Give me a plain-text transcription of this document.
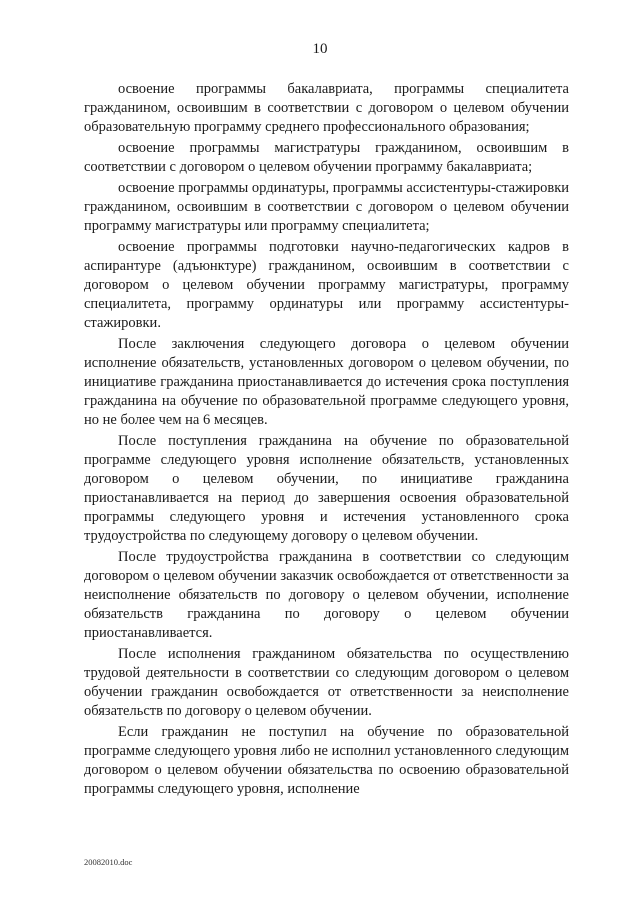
10

освоение программы бакалавриата, программы специалитета гражданином, освоившим в соответствии с договором о целевом обучении образовательную программу среднего профессионального образования;

освоение программы магистратуры гражданином, освоившим в соответствии с договором о целевом обучении программу бакалавриата;

освоение программы ординатуры, программы ассистентуры-стажировки гражданином, освоившим в соответствии с договором о целевом обучении программу магистратуры или программу специалитета;

освоение программы подготовки научно-педагогических кадров в аспирантуре (адъюнктуре) гражданином, освоившим в соответствии с договором о целевом обучении программу магистратуры, программу специалитета, программу ординатуры или программу ассистентуры-стажировки.

После заключения следующего договора о целевом обучении исполнение обязательств, установленных договором о целевом обучении, по инициативе гражданина приостанавливается до истечения срока поступления гражданина на обучение по образовательной программе следующего уровня, но не более чем на 6 месяцев.

После поступления гражданина на обучение по образовательной программе следующего уровня исполнение обязательств, установленных договором о целевом обучении, по инициативе гражданина приостанавливается на период до завершения освоения образовательной программы следующего уровня и истечения установленного срока трудоустройства по следующему договору о целевом обучении.

После трудоустройства гражданина в соответствии со следующим договором о целевом обучении заказчик освобождается от ответственности за неисполнение обязательств по договору о целевом обучении, исполнение обязательств гражданина по договору о целевом обучении приостанавливается.

После исполнения гражданином обязательства по осуществлению трудовой деятельности в соответствии со следующим договором о целевом обучении гражданин освобождается от ответственности за неисполнение обязательств по договору о целевом обучении.

Если гражданин не поступил на обучение по образовательной программе следующего уровня либо не исполнил установленного следующим договором о целевом обучении обязательства по освоению образовательной программы следующего уровня, исполнение

20082010.doc
